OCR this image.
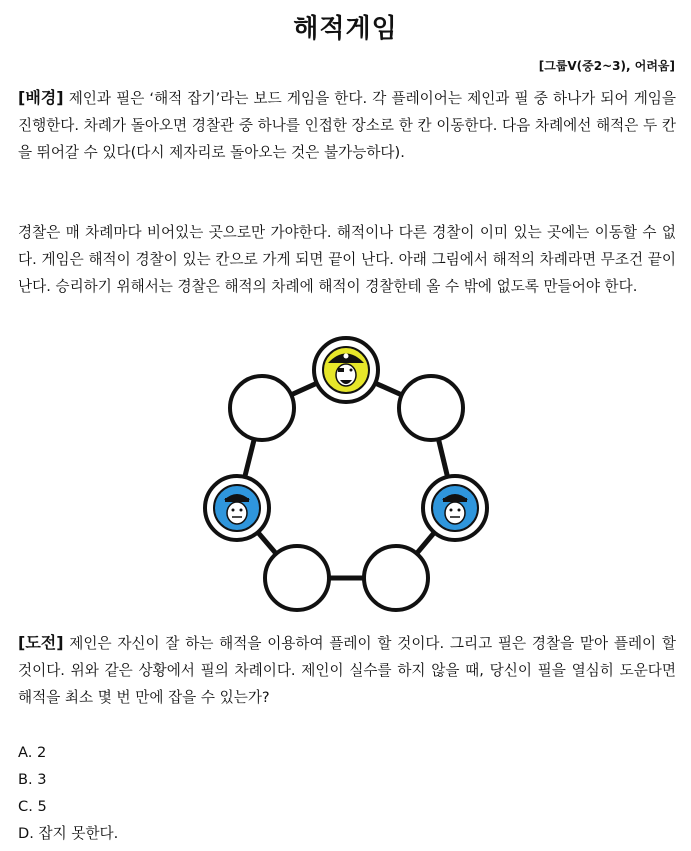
해적게임
[그룹Ⅴ(중2~3), 어려움]

[배경] 제인과 필은 ‘해적 잡기’라는 보드 게임을 한다. 각 플레이어는 제인과 필 중 하나가 되어 게임을 진행한다. 차례가 돌아오면 경찰관 중 하나를 인접한 장소로 한 칸 이동한다. 다음 차례에선 해적은 두 칸을 뛰어갈 수 있다(다시 제자리로 돌아오는 것은 불가능하다).

경찰은 매 차례마다 비어있는 곳으로만 가야한다. 해적이나 다른 경찰이 이미 있는 곳에는 이동할 수 없다. 게임은 해적이 경찰이 있는 칸으로 가게 되면 끝이 난다. 아래 그림에서 해적의 차례라면 무조건 끝이 난다. 승리하기 위해서는 경찰은 해적의 차례에 해적이 경찰한테 올 수 밖에 없도록 만들어야 한다.

[도전] 제인은 자신이 잘 하는 해적을 이용하여 플레이 할 것이다. 그리고 필은 경찰을 맡아 플레이 할 것이다. 위와 같은 상황에서 필의 차례이다. 제인이 실수를 하지 않을 때, 당신이 필을 열심히 도운다면 해적을 최소 몇 번 만에 잡을 수 있는가?

A. 2
B. 3
C. 5
D. 잡지 못한다.
